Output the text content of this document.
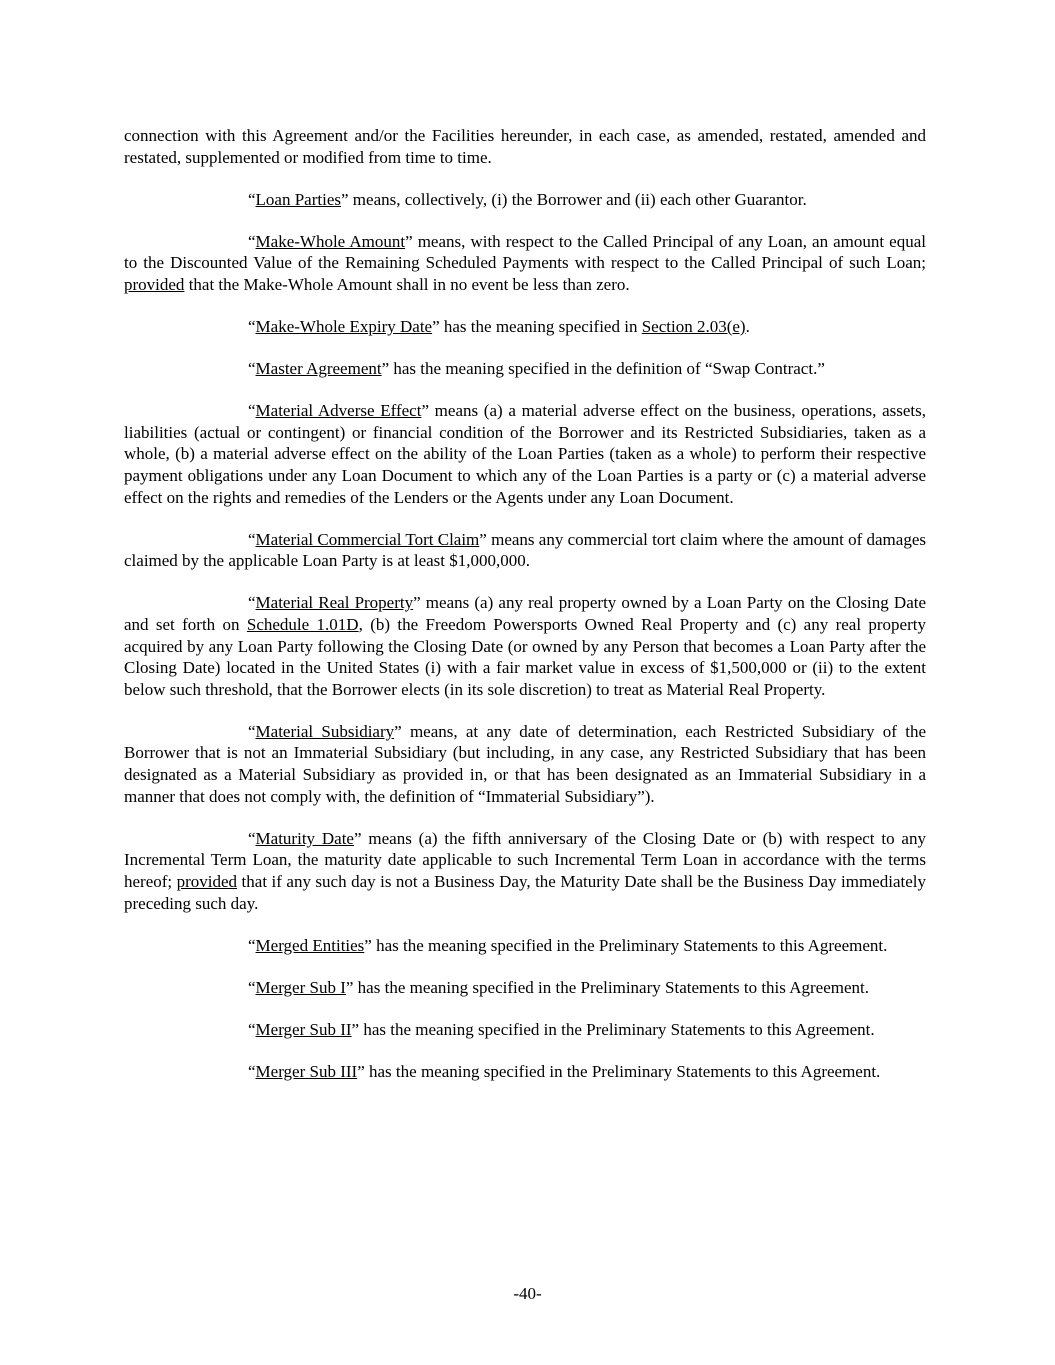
connection with this Agreement and/or the Facilities hereunder, in each case, as amended, restated, amended and restated, supplemented or modified from time to time.

“Loan Parties” means, collectively, (i) the Borrower and (ii) each other Guarantor.

“Make-Whole Amount” means, with respect to the Called Principal of any Loan, an amount equal to the Discounted Value of the Remaining Scheduled Payments with respect to the Called Principal of such Loan; provided that the Make-Whole Amount shall in no event be less than zero.

“Make-Whole Expiry Date” has the meaning specified in Section 2.03(e).

“Master Agreement” has the meaning specified in the definition of “Swap Contract.”

“Material Adverse Effect” means (a) a material adverse effect on the business, operations, assets, liabilities (actual or contingent) or financial condition of the Borrower and its Restricted Subsidiaries, taken as a whole, (b) a material adverse effect on the ability of the Loan Parties (taken as a whole) to perform their respective payment obligations under any Loan Document to which any of the Loan Parties is a party or (c) a material adverse effect on the rights and remedies of the Lenders or the Agents under any Loan Document.

“Material Commercial Tort Claim” means any commercial tort claim where the amount of damages claimed by the applicable Loan Party is at least $1,000,000.

“Material Real Property” means (a) any real property owned by a Loan Party on the Closing Date and set forth on Schedule 1.01D, (b) the Freedom Powersports Owned Real Property and (c) any real property acquired by any Loan Party following the Closing Date (or owned by any Person that becomes a Loan Party after the Closing Date) located in the United States (i) with a fair market value in excess of $1,500,000 or (ii) to the extent below such threshold, that the Borrower elects (in its sole discretion) to treat as Material Real Property.

“Material Subsidiary” means, at any date of determination, each Restricted Subsidiary of the Borrower that is not an Immaterial Subsidiary (but including, in any case, any Restricted Subsidiary that has been designated as a Material Subsidiary as provided in, or that has been designated as an Immaterial Subsidiary in a manner that does not comply with, the definition of “Immaterial Subsidiary”).

“Maturity Date” means (a) the fifth anniversary of the Closing Date or (b) with respect to any Incremental Term Loan, the maturity date applicable to such Incremental Term Loan in accordance with the terms hereof; provided that if any such day is not a Business Day, the Maturity Date shall be the Business Day immediately preceding such day.

“Merged Entities” has the meaning specified in the Preliminary Statements to this Agreement.

“Merger Sub I” has the meaning specified in the Preliminary Statements to this Agreement.

“Merger Sub II” has the meaning specified in the Preliminary Statements to this Agreement.

“Merger Sub III” has the meaning specified in the Preliminary Statements to this Agreement.

-40-
